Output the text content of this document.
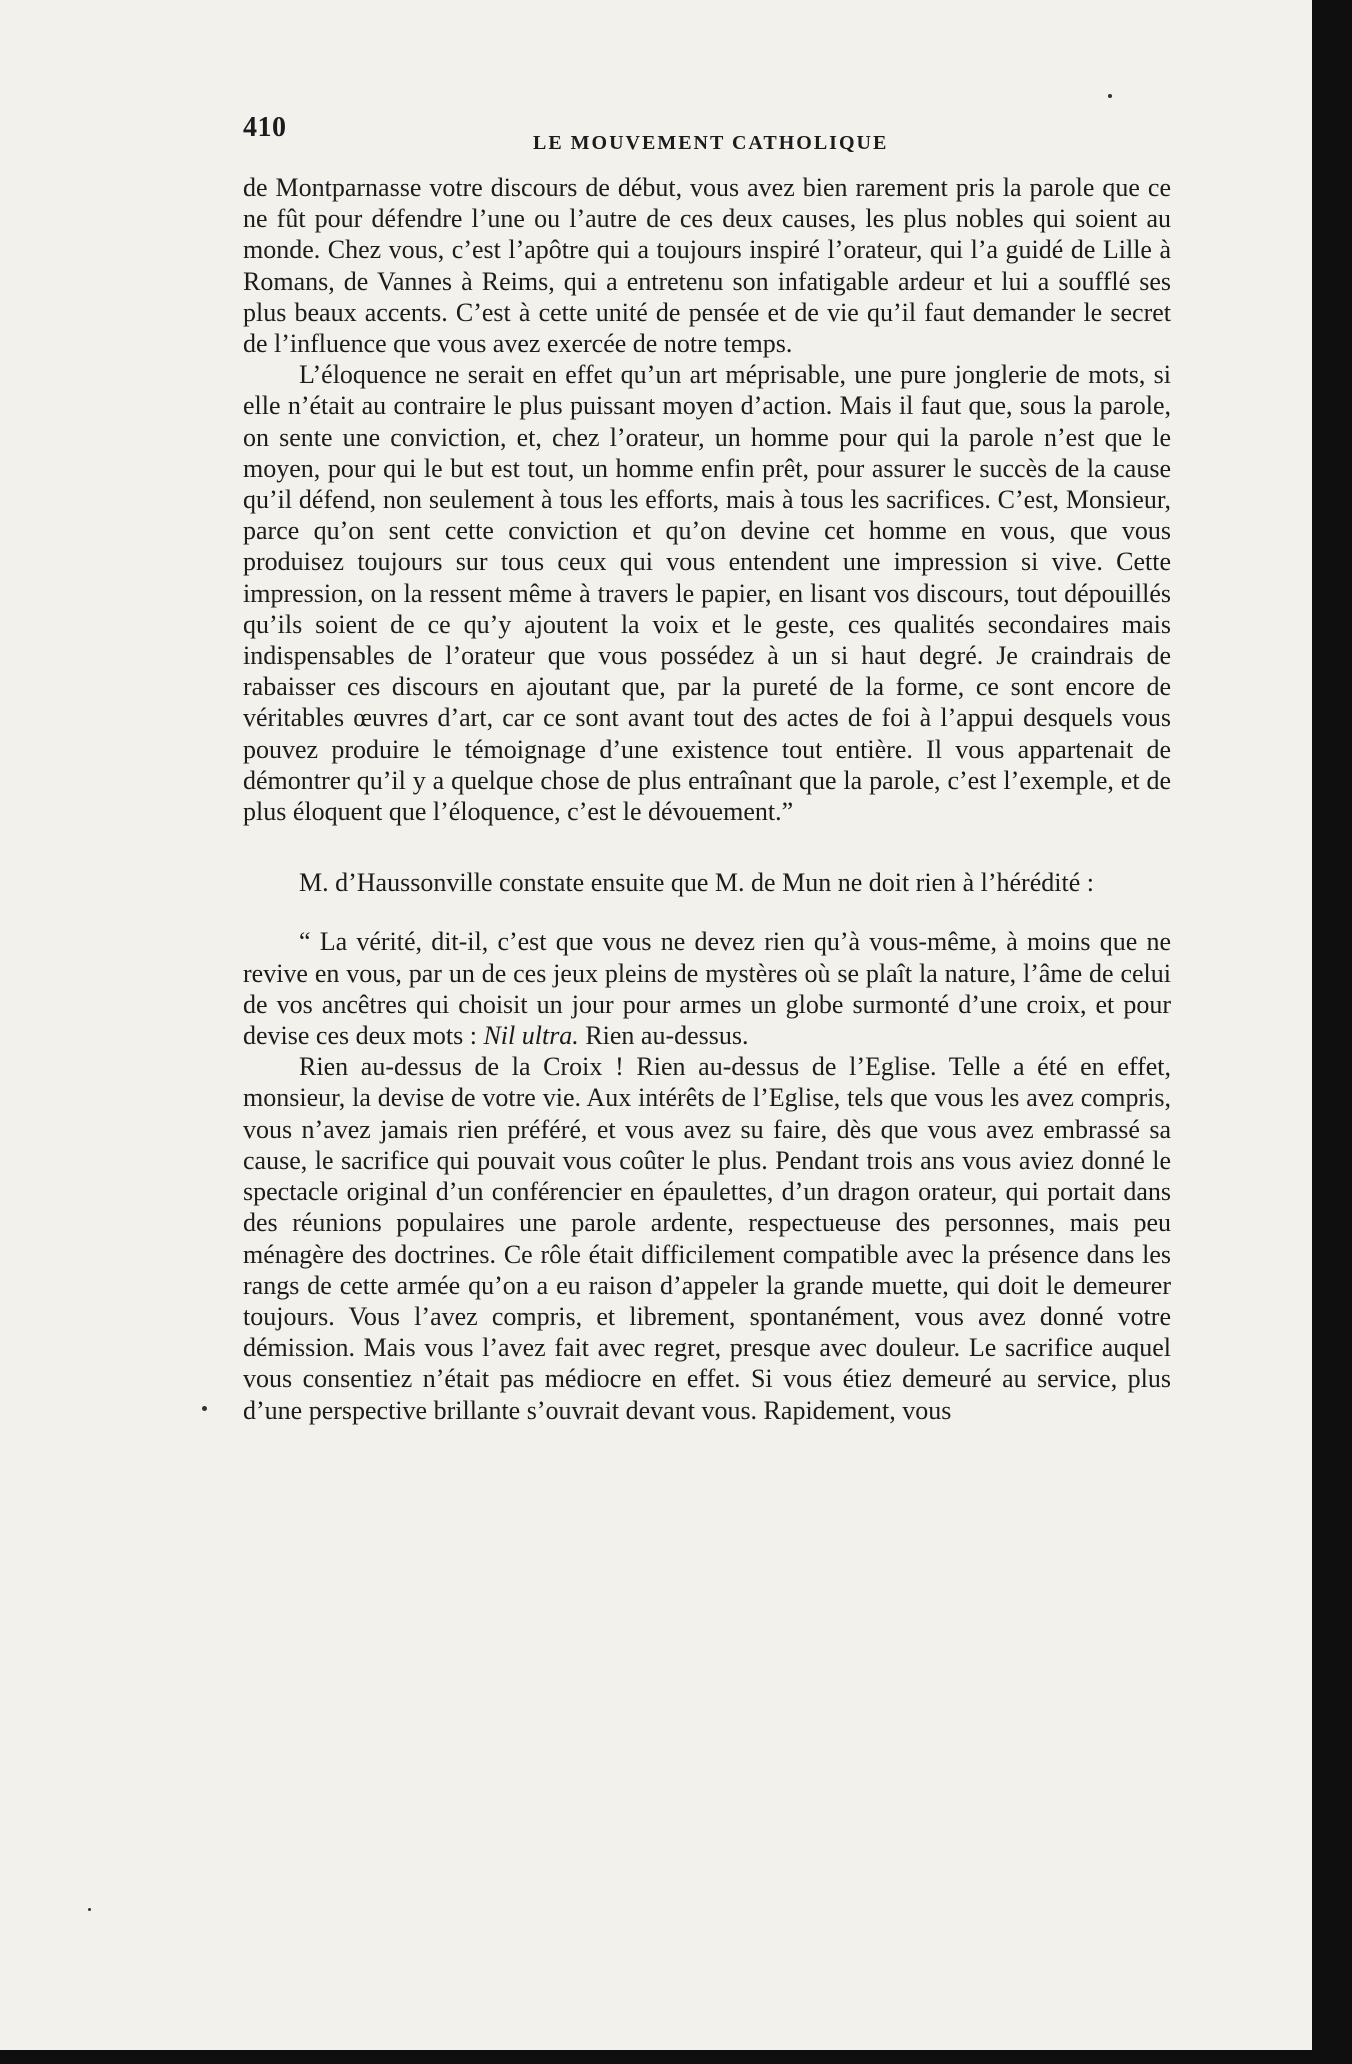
410	LE MOUVEMENT CATHOLIQUE

de Montparnasse votre discours de début, vous avez bien rarement pris la parole que ce ne fût pour défendre l’une ou l’autre de ces deux causes, les plus nobles qui soient au monde. Chez vous, c’est l’apôtre qui a toujours inspiré l’orateur, qui l’a guidé de Lille à Romans, de Vannes à Reims, qui a entretenu son infatigable ardeur et lui a soufflé ses plus beaux accents. C’est à cette unité de pensée et de vie qu’il faut demander le secret de l’influence que vous avez exercée de notre temps.

L’éloquence ne serait en effet qu’un art méprisable, une pure jonglerie de mots, si elle n’était au contraire le plus puissant moyen d’action. Mais il faut que, sous la parole, on sente une conviction, et, chez l’orateur, un homme pour qui la parole n’est que le moyen, pour qui le but est tout, un homme enfin prêt, pour assurer le succès de la cause qu’il défend, non seulement à tous les efforts, mais à tous les sacrifices. C’est, Monsieur, parce qu’on sent cette conviction et qu’on devine cet homme en vous, que vous produisez toujours sur tous ceux qui vous entendent une impression si vive. Cette impression, on la ressent même à travers le papier, en lisant vos discours, tout dépouillés qu’ils soient de ce qu’y ajoutent la voix et le geste, ces qualités secondaires mais indispensables de l’orateur que vous possédez à un si haut degré. Je craindrais de rabaisser ces discours en ajoutant que, par la pureté de la forme, ce sont encore de véritables œuvres d’art, car ce sont avant tout des actes de foi à l’appui desquels vous pouvez produire le témoignage d’une existence tout entière. Il vous appartenait de démontrer qu’il y a quelque chose de plus entraînant que la parole, c’est l’exemple, et de plus éloquent que l’éloquence, c’est le dévouement.”

M. d’Haussonville constate ensuite que M. de Mun ne doit rien à l’hérédité :

“ La vérité, dit-il, c’est que vous ne devez rien qu’à vous-même, à moins que ne revive en vous, par un de ces jeux pleins de mystères où se plaît la nature, l’âme de celui de vos ancêtres qui choisit un jour pour armes un globe surmonté d’une croix, et pour devise ces deux mots : Nil ultra. Rien au-dessus.

Rien au-dessus de la Croix ! Rien au-dessus de l’Eglise. Telle a été en effet, monsieur, la devise de votre vie. Aux intérêts de l’Eglise, tels que vous les avez compris, vous n’avez jamais rien préféré, et vous avez su faire, dès que vous avez embrassé sa cause, le sacrifice qui pouvait vous coûter le plus. Pendant trois ans vous aviez donné le spectacle original d’un conférencier en épaulettes, d’un dragon orateur, qui portait dans des réunions populaires une parole ardente, respectueuse des personnes, mais peu ménagère des doctrines. Ce rôle était difficilement compatible avec la présence dans les rangs de cette armée qu’on a eu raison d’appeler la grande muette, qui doit le demeurer toujours. Vous l’avez compris, et librement, spontanément, vous avez donné votre démission. Mais vous l’avez fait avec regret, presque avec douleur. Le sacrifice auquel vous consentiez n’était pas médiocre en effet. Si vous étiez demeuré au service, plus d’une perspective brillante s’ouvrait devant vous. Rapidement, vous
